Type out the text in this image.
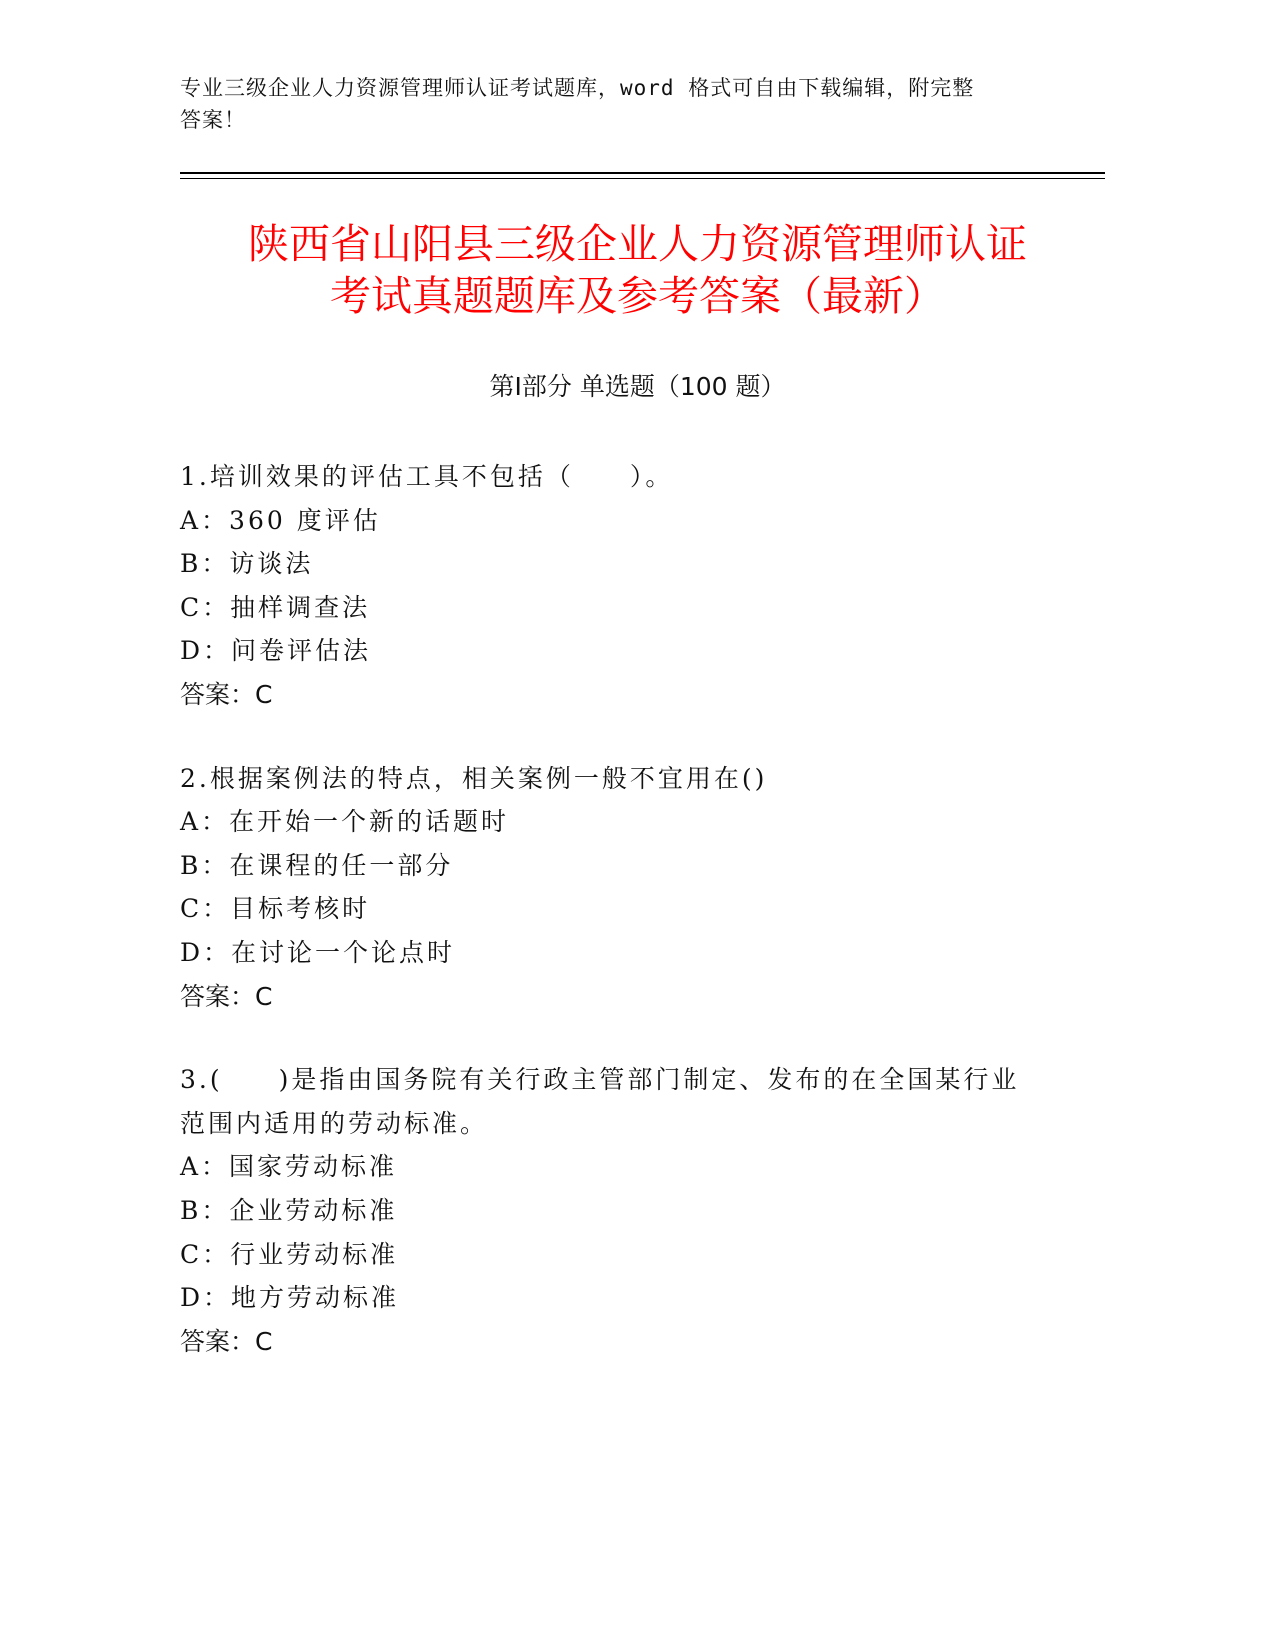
专业三级企业人力资源管理师认证考试题库，word 格式可自由下载编辑，附完整
答案！
陕西省山阳县三级企业人力资源管理师认证
考试真题题库及参考答案（最新）
第Ⅰ部分 单选题（100 题）

1.培训效果的评估工具不包括（　　）。

A：360 度评估

B：访谈法

C：抽样调查法

D：问卷评估法

答案：C

2.根据案例法的特点，相关案例一般不宜用在()

A：在开始一个新的话题时

B：在课程的任一部分

C：目标考核时

D：在讨论一个论点时

答案：C

3.(　　)是指由国务院有关行政主管部门制定、发布的在全国某行业

范围内适用的劳动标准。

A：国家劳动标准

B：企业劳动标准

C：行业劳动标准

D：地方劳动标准

答案：C
